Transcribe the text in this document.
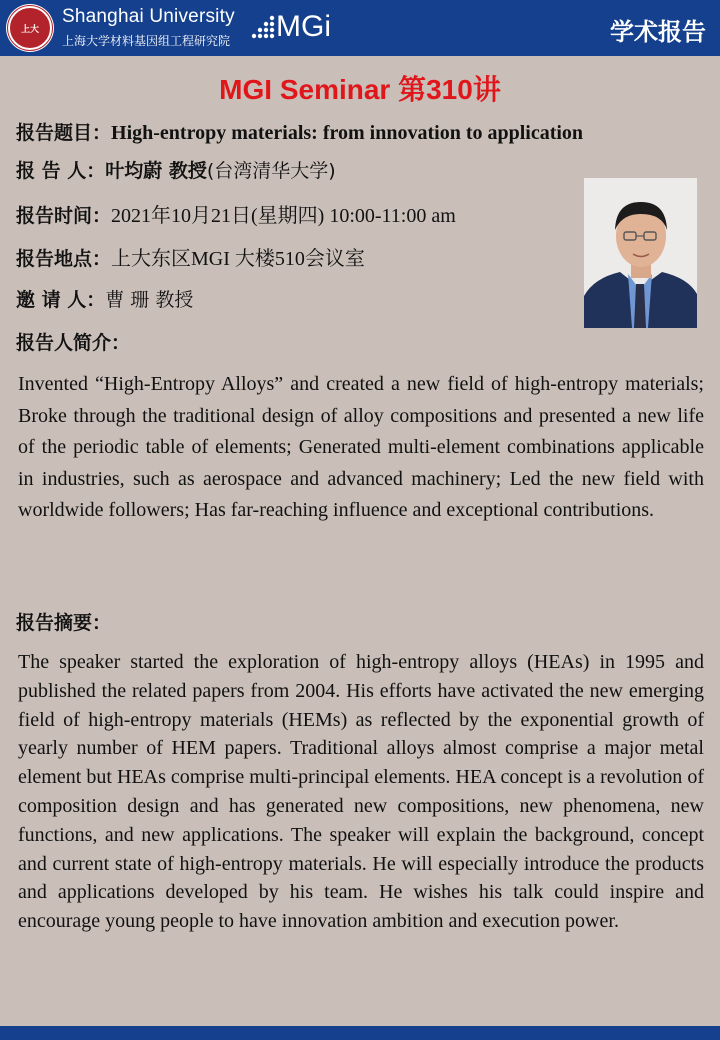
上大
Shanghai University
上海大学材料基因组工程研究院 MGi	学术报告
MGI Seminar 第310讲
报告题目：High-entropy materials: from innovation to application
报 告 人：叶均蔚 教授(台湾清华大学)
报告时间：2021年10月21日(星期四) 10:00-11:00 am
报告地点：上大东区MGI 大楼510会议室
邀 请 人：曹 珊 教授
报告人简介：

Invented “High-Entropy Alloys” and created a new field of high-entropy materials; Broke through the traditional design of alloy compositions and presented a new life of the periodic table of elements; Generated multi-element combinations applicable in industries, such as aerospace and advanced machinery; Led the new field with worldwide followers; Has far-reaching influence and exceptional contributions.

报告摘要：

The speaker started the exploration of high-entropy alloys (HEAs) in 1995 and published the related papers from 2004. His efforts have activated the new emerging field of high-entropy materials (HEMs) as reflected by the exponential growth of yearly number of HEM papers. Traditional alloys almost comprise a major metal element but HEAs comprise multi-principal elements. HEA concept is a revolution of composition design and has generated new compositions, new phenomena, new functions, and new applications. The speaker will explain the background, concept and current state of high-entropy materials. He will especially introduce the products and applications developed by his team. He wishes his talk could inspire and encourage young people to have innovation ambition and execution power.
